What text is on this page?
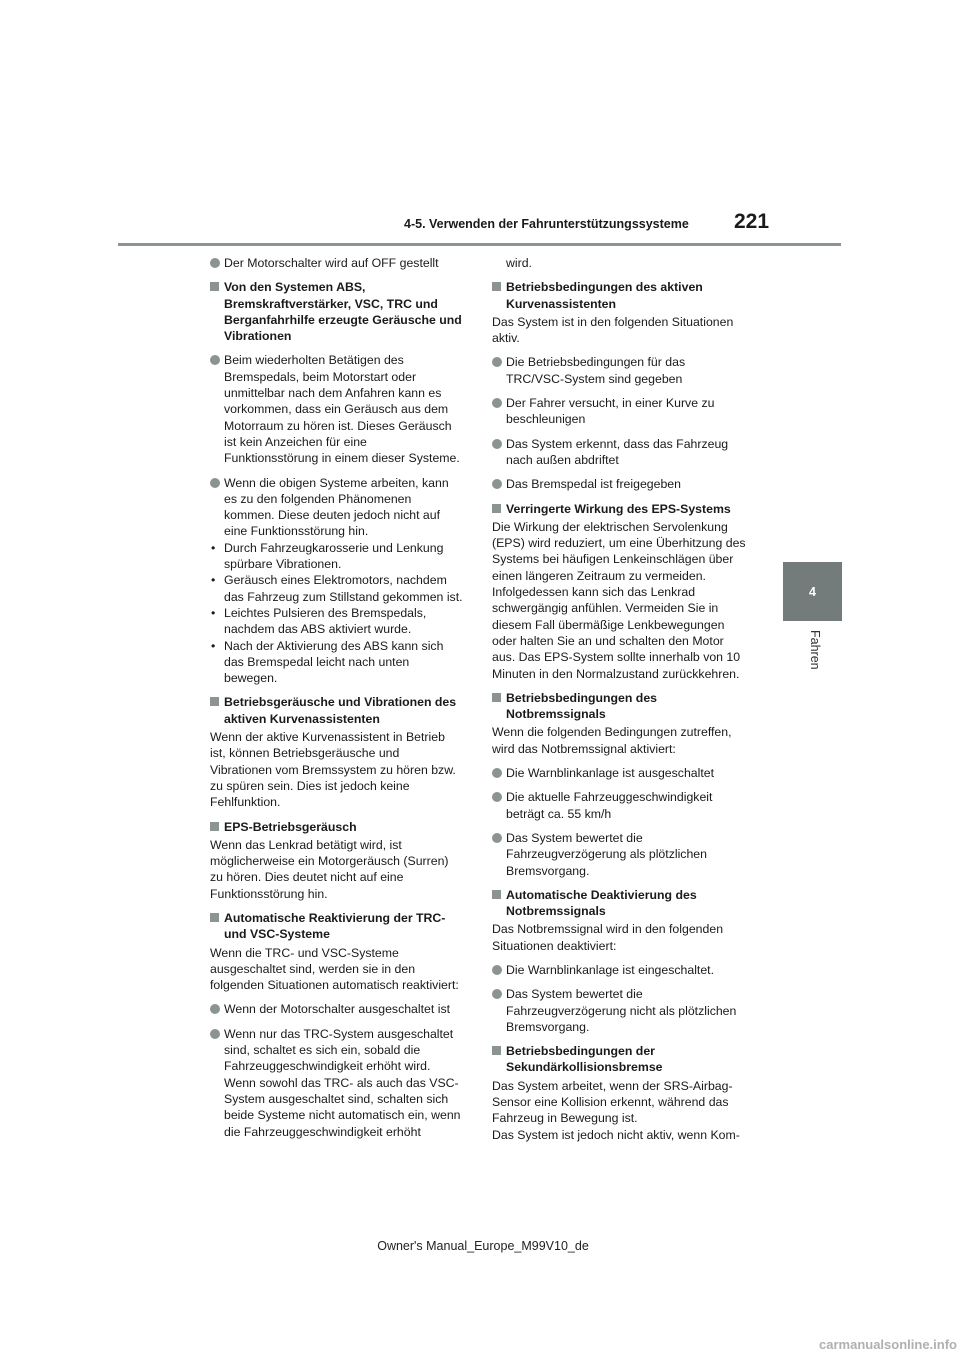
4-5. Verwenden der Fahrunterstützungssysteme	221
4
Fahren
Der Motorschalter wird auf OFF gestellt
Von den Systemen ABS, Bremskraftverstärker, VSC, TRC und Berganfahrhilfe erzeugte Geräusche und Vibrationen
Beim wiederholten Betätigen des Bremspedals, beim Motorstart oder unmittelbar nach dem Anfahren kann es vorkommen, dass ein Geräusch aus dem Motorraum zu hören ist. Dieses Geräusch ist kein Anzeichen für eine Funktionsstörung in einem dieser Systeme.
Wenn die obigen Systeme arbeiten, kann es zu den folgenden Phänomenen kommen. Diese deuten jedoch nicht auf eine Funktionsstörung hin.
• Durch Fahrzeugkarosserie und Lenkung spürbare Vibrationen.
• Geräusch eines Elektromotors, nachdem das Fahrzeug zum Stillstand gekommen ist.
• Leichtes Pulsieren des Bremspedals, nachdem das ABS aktiviert wurde.
• Nach der Aktivierung des ABS kann sich das Bremspedal leicht nach unten bewegen.
Betriebsgeräusche und Vibrationen des aktiven Kurvenassistenten
Wenn der aktive Kurvenassistent in Betrieb ist, können Betriebsgeräusche und Vibrationen vom Bremssystem zu hören bzw. zu spüren sein. Dies ist jedoch keine Fehlfunktion.
EPS-Betriebsgeräusch
Wenn das Lenkrad betätigt wird, ist möglicherweise ein Motorgeräusch (Surren) zu hören. Dies deutet nicht auf eine Funktionsstörung hin.
Automatische Reaktivierung der TRC- und VSC-Systeme
Wenn die TRC- und VSC-Systeme ausgeschaltet sind, werden sie in den folgenden Situationen automatisch reaktiviert:
Wenn der Motorschalter ausgeschaltet ist
Wenn nur das TRC-System ausgeschaltet sind, schaltet es sich ein, sobald die Fahrzeuggeschwindigkeit erhöht wird.
Wenn sowohl das TRC- als auch das VSC-System ausgeschaltet sind, schalten sich beide Systeme nicht automatisch ein, wenn die Fahrzeuggeschwindigkeit erhöht
wird.
Betriebsbedingungen des aktiven Kurvenassistenten
Das System ist in den folgenden Situationen aktiv.
Die Betriebsbedingungen für das TRC/VSC-System sind gegeben
Der Fahrer versucht, in einer Kurve zu beschleunigen
Das System erkennt, dass das Fahrzeug nach außen abdriftet
Das Bremspedal ist freigegeben
Verringerte Wirkung des EPS-Systems
Die Wirkung der elektrischen Servolenkung (EPS) wird reduziert, um eine Überhitzung des Systems bei häufigen Lenkeinschlägen über einen längeren Zeitraum zu vermeiden. Infolgedessen kann sich das Lenkrad schwergängig anfühlen. Vermeiden Sie in diesem Fall übermäßige Lenkbewegungen oder halten Sie an und schalten den Motor aus. Das EPS-System sollte innerhalb von 10 Minuten in den Normalzustand zurückkehren.
Betriebsbedingungen des Notbremssignals
Wenn die folgenden Bedingungen zutreffen, wird das Notbremssignal aktiviert:
Die Warnblinkanlage ist ausgeschaltet
Die aktuelle Fahrzeuggeschwindigkeit beträgt ca. 55 km/h
Das System bewertet die Fahrzeugverzögerung als plötzlichen Bremsvorgang.
Automatische Deaktivierung des Notbremssignals
Das Notbremssignal wird in den folgenden Situationen deaktiviert:
Die Warnblinkanlage ist eingeschaltet.
Das System bewertet die Fahrzeugverzögerung nicht als plötzlichen Bremsvorgang.
Betriebsbedingungen der Sekundärkollisionsbremse
Das System arbeitet, wenn der SRS-Airbag-Sensor eine Kollision erkennt, während das Fahrzeug in Bewegung ist.
Das System ist jedoch nicht aktiv, wenn Kom-
Owner's Manual_Europe_M99V10_de
carmanualsonline.info
